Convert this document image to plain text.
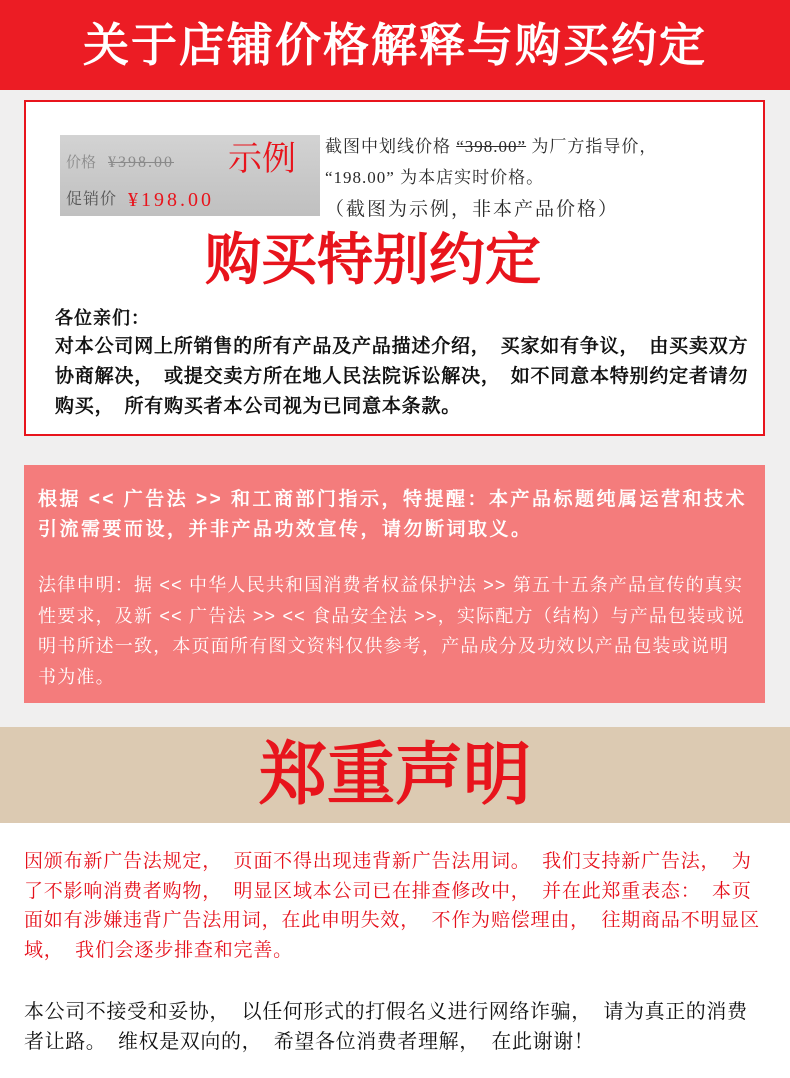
关于店铺价格解释与购买约定
价格 ¥398.00 示例
促销价 ¥198.00
截图中划线价格 “398.00” 为厂方指导价，
“198.00” 为本店实时价格。
（截图为示例，非本产品价格）
购买特别约定
各位亲们：
对本公司网上所销售的所有产品及产品描述介绍， 买家如有争议， 由买卖双方
协商解决， 或提交卖方所在地人民法院诉讼解决， 如不同意本特别约定者请勿
购买， 所有购买者本公司视为已同意本条款。
根据 << 广告法 >> 和工商部门指示，特提醒：本产品标题纯属运营和技术
引流需要而设，并非产品功效宣传，请勿断词取义。
法律申明：据 << 中华人民共和国消费者权益保护法 >> 第五十五条产品宣传的真实
性要求，及新 << 广告法 >> << 食品安全法 >>，实际配方（结构）与产品包装或说
明书所述一致，本页面所有图文资料仅供参考，产品成分及功效以产品包装或说明
书为准。
郑重声明
因颁布新广告法规定， 页面不得出现违背新广告法用词。 我们支持新广告法， 为
了不影响消费者购物， 明显区域本公司已在排查修改中， 并在此郑重表态： 本页
面如有涉嫌违背广告法用词，在此申明失效， 不作为赔偿理由， 往期商品不明显区
域， 我们会逐步排查和完善。
本公司不接受和妥协， 以任何形式的打假名义进行网络诈骗， 请为真正的消费
者让路。 维权是双向的， 希望各位消费者理解， 在此谢谢！
